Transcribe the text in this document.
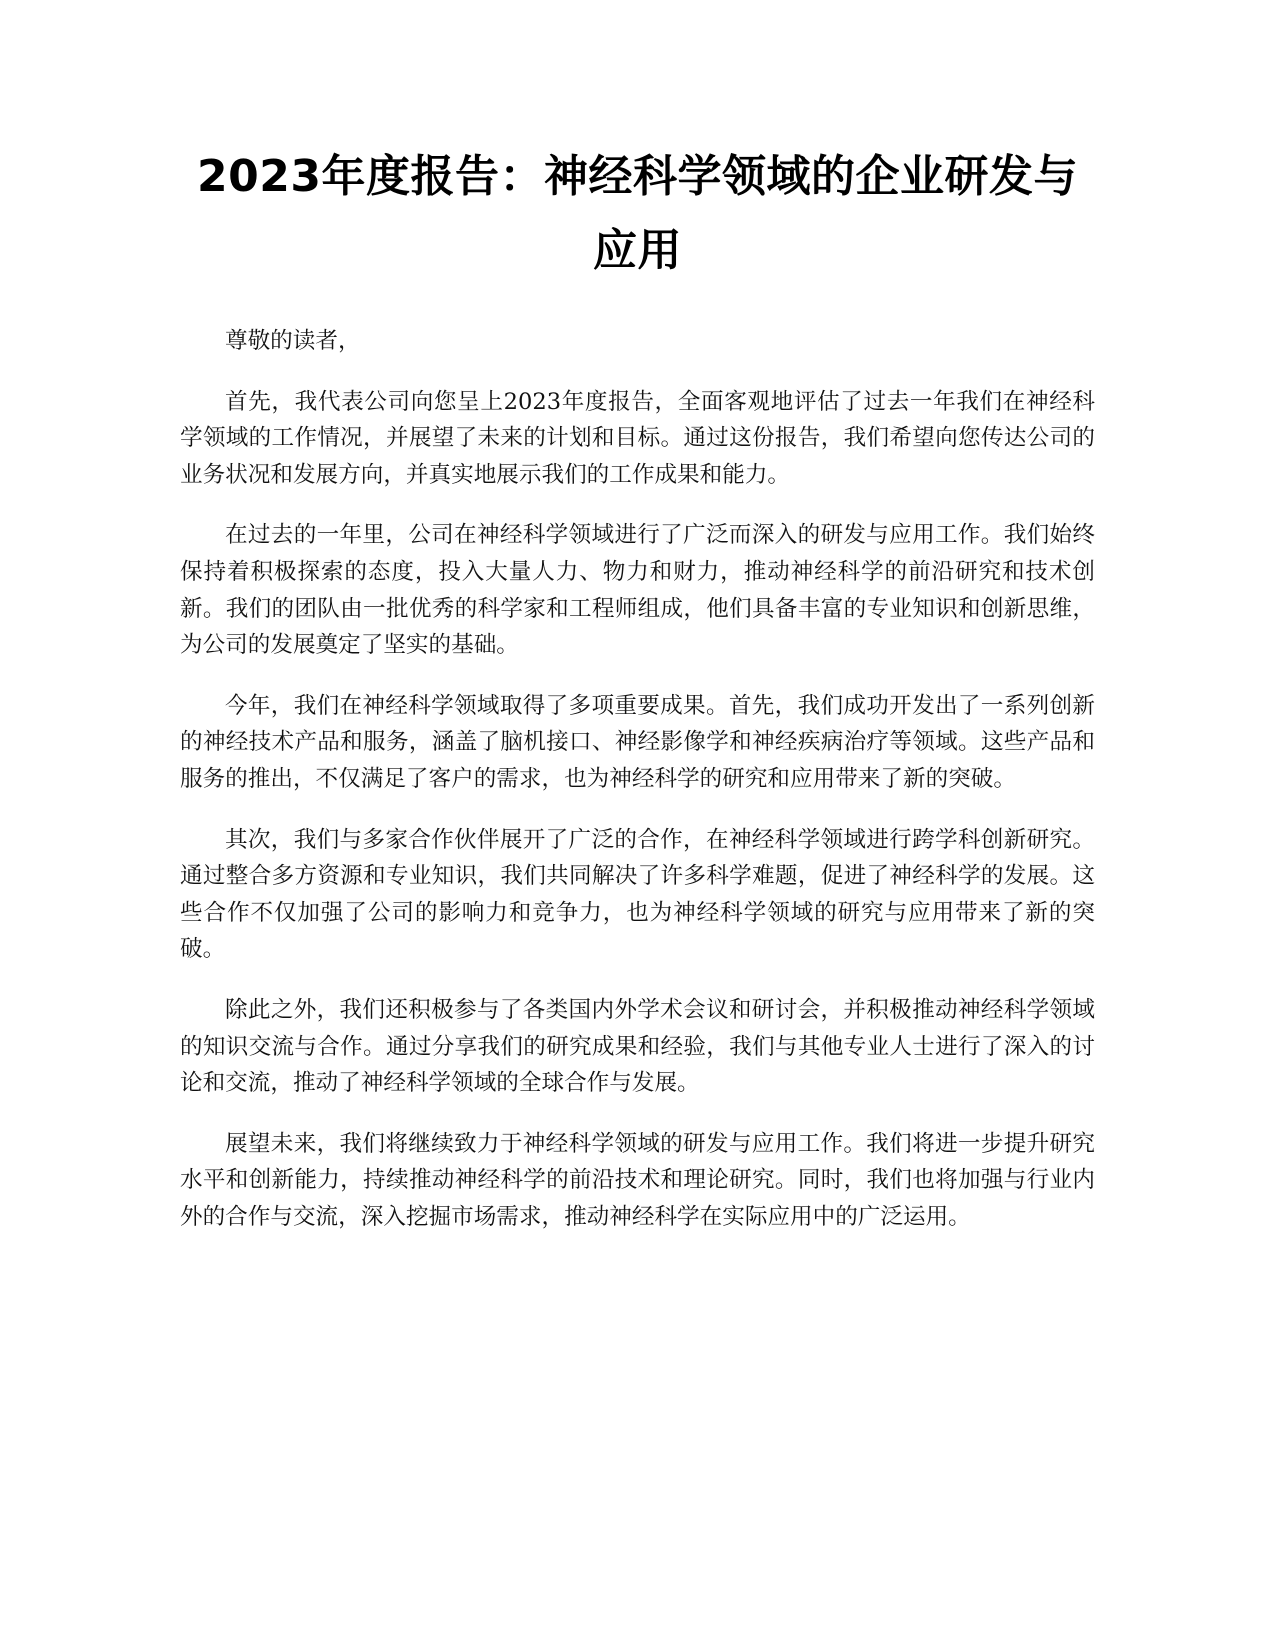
2023年度报告：神经科学领域的企业研发与应用

尊敬的读者，

首先，我代表公司向您呈上2023年度报告，全面客观地评估了过去一年我们在神经科学领域的工作情况，并展望了未来的计划和目标。通过这份报告，我们希望向您传达公司的业务状况和发展方向，并真实地展示我们的工作成果和能力。

在过去的一年里，公司在神经科学领域进行了广泛而深入的研发与应用工作。我们始终保持着积极探索的态度，投入大量人力、物力和财力，推动神经科学的前沿研究和技术创新。我们的团队由一批优秀的科学家和工程师组成，他们具备丰富的专业知识和创新思维，为公司的发展奠定了坚实的基础。

今年，我们在神经科学领域取得了多项重要成果。首先，我们成功开发出了一系列创新的神经技术产品和服务，涵盖了脑机接口、神经影像学和神经疾病治疗等领域。这些产品和服务的推出，不仅满足了客户的需求，也为神经科学的研究和应用带来了新的突破。

其次，我们与多家合作伙伴展开了广泛的合作，在神经科学领域进行跨学科创新研究。通过整合多方资源和专业知识，我们共同解决了许多科学难题，促进了神经科学的发展。这些合作不仅加强了公司的影响力和竞争力，也为神经科学领域的研究与应用带来了新的突破。

除此之外，我们还积极参与了各类国内外学术会议和研讨会，并积极推动神经科学领域的知识交流与合作。通过分享我们的研究成果和经验，我们与其他专业人士进行了深入的讨论和交流，推动了神经科学领域的全球合作与发展。

展望未来，我们将继续致力于神经科学领域的研发与应用工作。我们将进一步提升研究水平和创新能力，持续推动神经科学的前沿技术和理论研究。同时，我们也将加强与行业内外的合作与交流，深入挖掘市场需求，推动神经科学在实际应用中的广泛运用。
